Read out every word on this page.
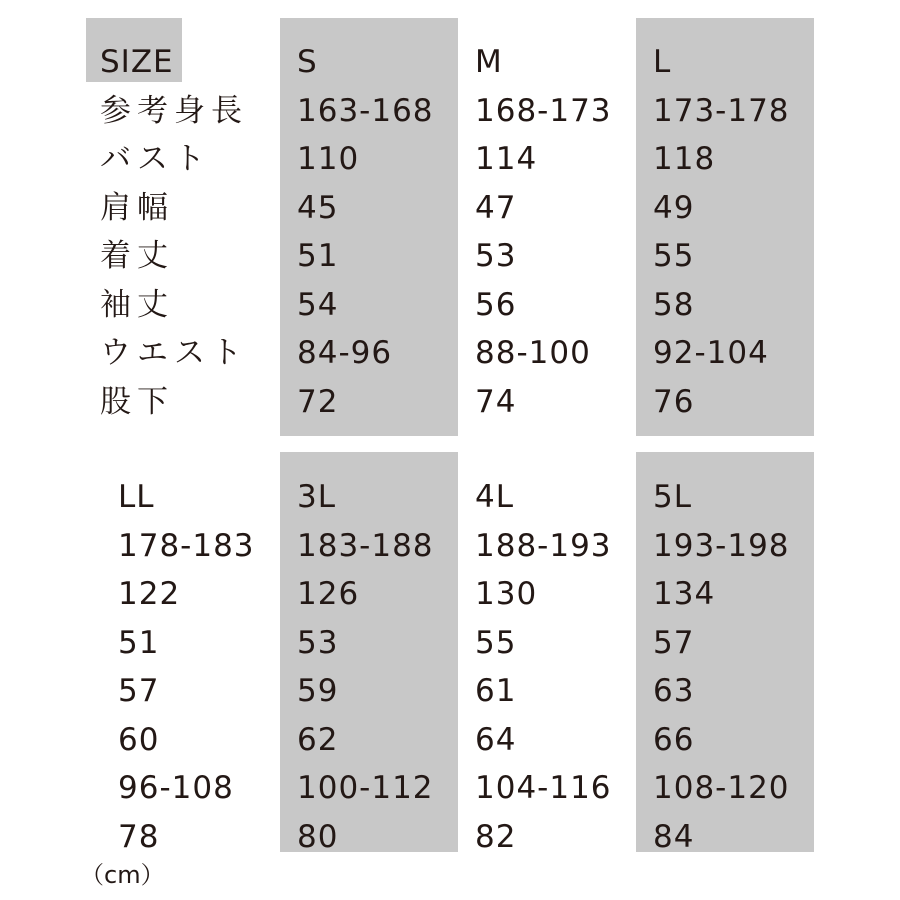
SIZE	S	M	L
参考身長 163-168 168-173 173-178
バスト	110	114	118
肩幅	45	47	49
着丈	51	53	55
袖丈	54	56	58
ウエスト 84-96	88-100 92-104
股下	72	74	76
LL	3L	4L	5L
178-183 183-188 188-193 193-198
122	126	130	134
51	53	55	57
57	59	61	63
60	62	64	66
96-108 100-112 104-116 108-120
78	80	82	84
（cm）
